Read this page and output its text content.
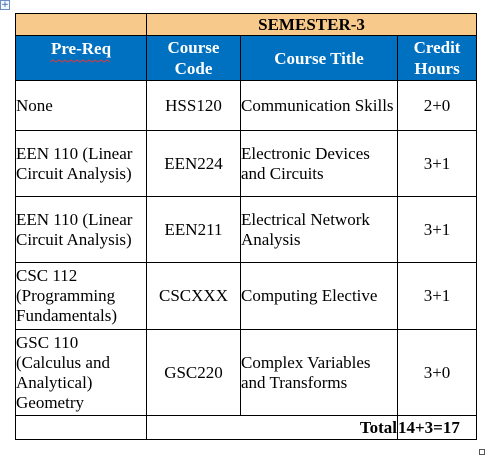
+
	SEMESTER-3		
Pre-Req	Course Code	Course Title	Credit Hours
None	HSS120	Communication Skills	2+0
EEN 110 (Linear Circuit Analysis)	EEN224	Electronic Devices and Circuits	3+1
EEN 110 (Linear Circuit Analysis)	EEN211	Electrical Network Analysis	3+1
CSC 112 (Programming Fundamentals)	CSCXXX	Computing Elective	3+1
GSC 110 (Calculus and Analytical) Geometry	GSC220	Complex Variables and Transforms	3+0
	Total		14+3=17
